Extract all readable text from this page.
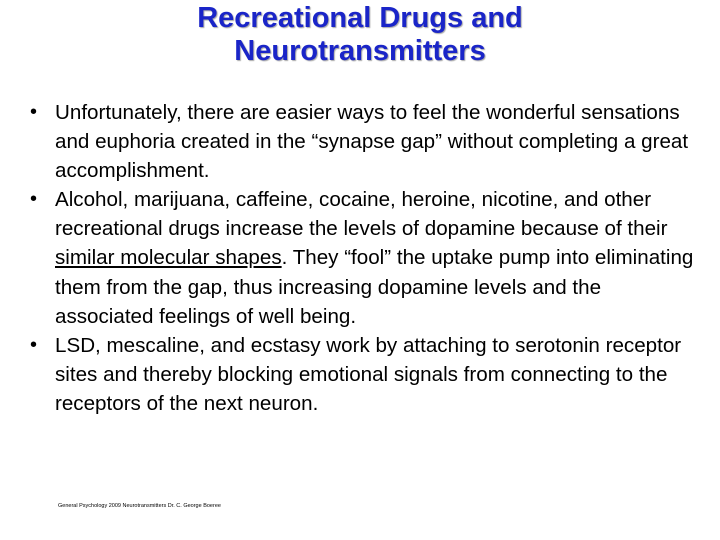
Recreational Drugs and
Neurotransmitters
• Unfortunately, there are easier ways to feel the wonderful sensations and euphoria created in the “synapse gap” without completing a great accomplishment.
• Alcohol, marijuana, caffeine, cocaine, heroine, nicotine, and other recreational drugs increase the levels of dopamine because of their similar molecular shapes. They “fool” the uptake pump into eliminating them from the gap, thus increasing dopamine levels and the associated feelings of well being.
• LSD, mescaline, and ecstasy work by attaching to serotonin receptor sites and thereby blocking emotional signals from connecting to the receptors of the next neuron.
General Psychology 2009 Neurotransmitters Dr. C. George Boeree
